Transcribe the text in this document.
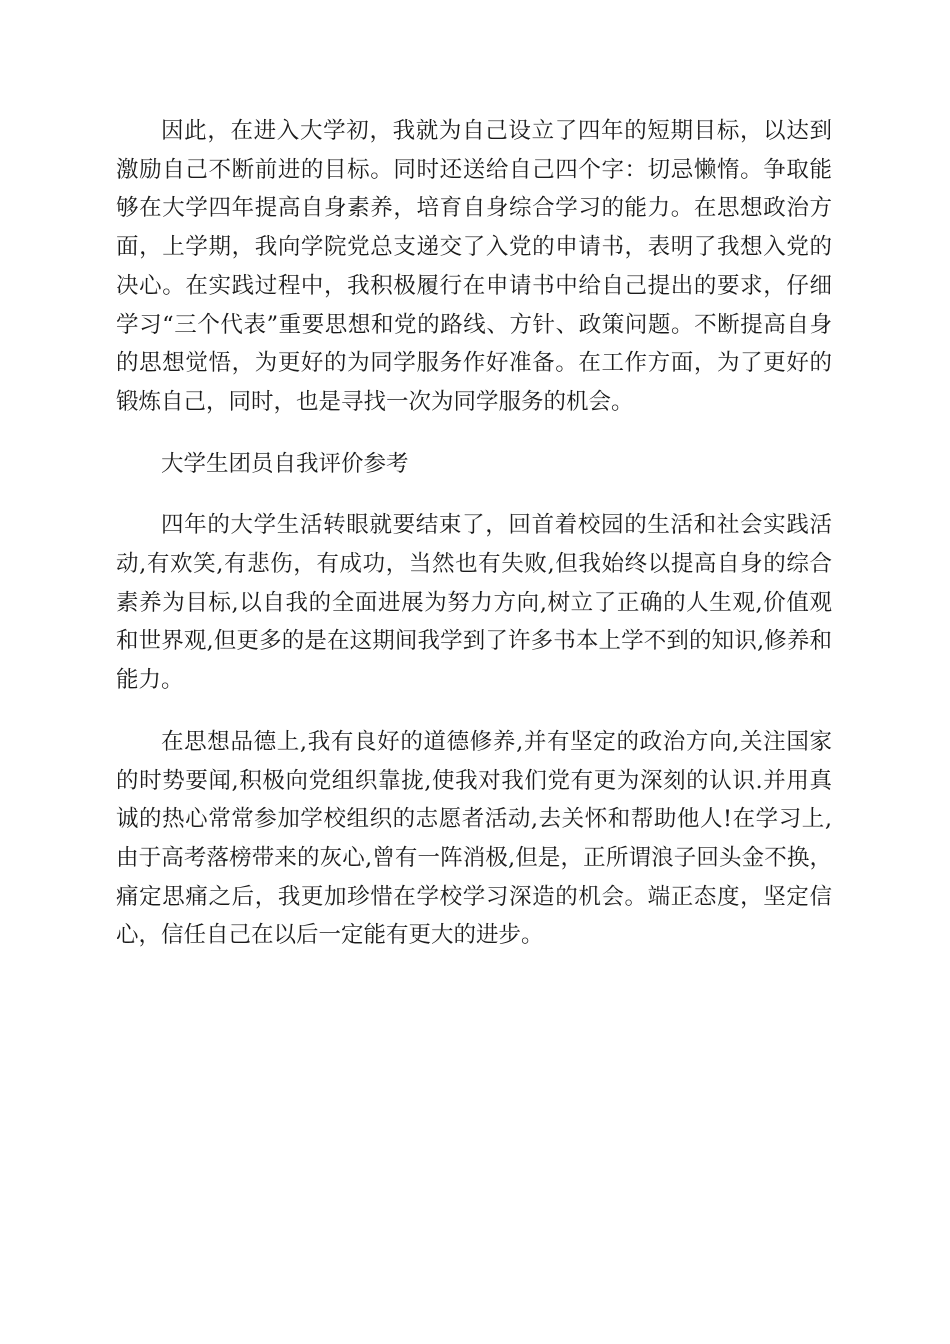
因此，在进入大学初，我就为自己设立了四年的短期目标，以达到激励自己不断前进的目标。同时还送给自己四个字：切忌懒惰。争取能够在大学四年提高自身素养，培育自身综合学习的能力。在思想政治方面，上学期，我向学院党总支递交了入党的申请书，表明了我想入党的决心。在实践过程中，我积极履行在申请书中给自己提出的要求，仔细学习“三个代表”重要思想和党的路线、方针、政策问题。不断提高自身的思想觉悟，为更好的为同学服务作好准备。在工作方面，为了更好的锻炼自己，同时，也是寻找一次为同学服务的机会。

大学生团员自我评价参考

四年的大学生活转眼就要结束了，回首着校园的生活和社会实践活动,有欢笑,有悲伤，有成功，当然也有失败,但我始终以提高自身的综合素养为目标,以自我的全面进展为努力方向,树立了正确的人生观,价值观和世界观,但更多的是在这期间我学到了许多书本上学不到的知识,修养和能力。

在思想品德上,我有良好的道德修养,并有坚定的政治方向,关注国家的时势要闻,积极向党组织靠拢,使我对我们党有更为深刻的认识.并用真诚的热心常常参加学校组织的志愿者活动,去关怀和帮助他人!在学习上,由于高考落榜带来的灰心,曾有一阵消极,但是，正所谓浪子回头金不换，痛定思痛之后，我更加珍惜在学校学习深造的机会。端正态度，坚定信心，信任自己在以后一定能有更大的进步。
